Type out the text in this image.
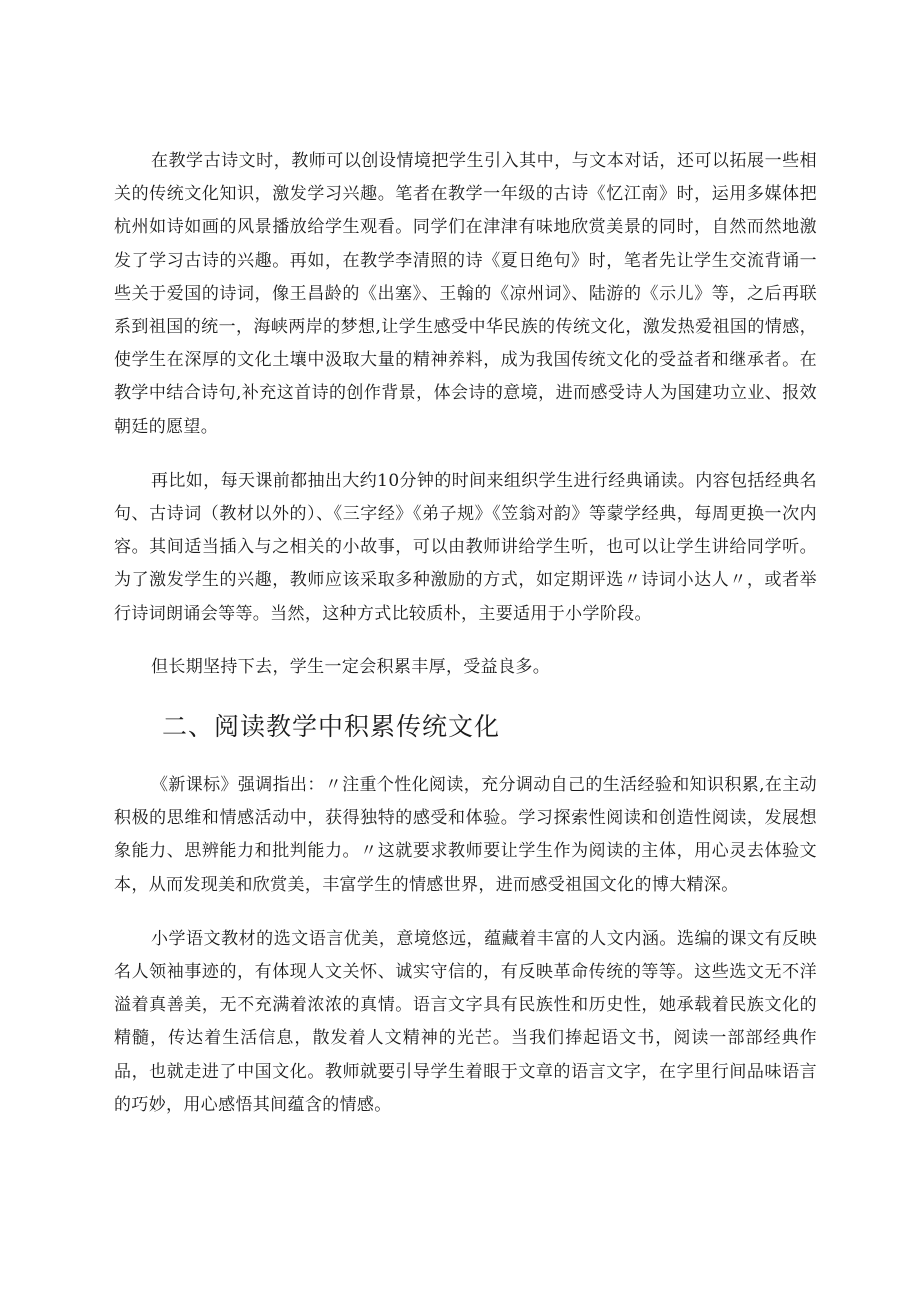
在教学古诗文时，教师可以创设情境把学生引入其中，与文本对话，还可以拓展一些相关的传统文化知识，激发学习兴趣。笔者在教学一年级的古诗《忆江南》时，运用多媒体把杭州如诗如画的风景播放给学生观看。同学们在津津有味地欣赏美景的同时，自然而然地激发了学习古诗的兴趣。再如，在教学李清照的诗《夏日绝句》时，笔者先让学生交流背诵一些关于爱国的诗词，像王昌龄的《出塞》、王翰的《凉州词》、陆游的《示儿》等，之后再联系到祖国的统一，海峡两岸的梦想,让学生感受中华民族的传统文化，激发热爱祖国的情感，使学生在深厚的文化土壤中汲取大量的精神养料，成为我国传统文化的受益者和继承者。在教学中结合诗句,补充这首诗的创作背景，体会诗的意境，进而感受诗人为国建功立业、报效朝廷的愿望。

再比如，每天课前都抽出大约10分钟的时间来组织学生进行经典诵读。内容包括经典名句、古诗词（教材以外的）、《三字经》《弟子规》《笠翁对韵》等蒙学经典，每周更换一次内容。其间适当插入与之相关的小故事，可以由教师讲给学生听，也可以让学生讲给同学听。为了激发学生的兴趣，教师应该采取多种激励的方式，如定期评选〃诗词小达人〃，或者举行诗词朗诵会等等。当然，这种方式比较质朴，主要适用于小学阶段。

但长期坚持下去，学生一定会积累丰厚，受益良多。

二、阅读教学中积累传统文化

《新课标》强调指出：〃注重个性化阅读，充分调动自己的生活经验和知识积累,在主动积极的思维和情感活动中，获得独特的感受和体验。学习探索性阅读和创造性阅读，发展想象能力、思辨能力和批判能力。〃这就要求教师要让学生作为阅读的主体，用心灵去体验文本，从而发现美和欣赏美，丰富学生的情感世界，进而感受祖国文化的博大精深。

小学语文教材的选文语言优美，意境悠远，蕴藏着丰富的人文内涵。选编的课文有反映名人领袖事迹的，有体现人文关怀、诚实守信的，有反映革命传统的等等。这些选文无不洋溢着真善美，无不充满着浓浓的真情。语言文字具有民族性和历史性，她承载着民族文化的精髓，传达着生活信息，散发着人文精神的光芒。当我们捧起语文书，阅读一部部经典作品，也就走进了中国文化。教师就要引导学生着眼于文章的语言文字，在字里行间品味语言的巧妙，用心感悟其间蕴含的情感。
